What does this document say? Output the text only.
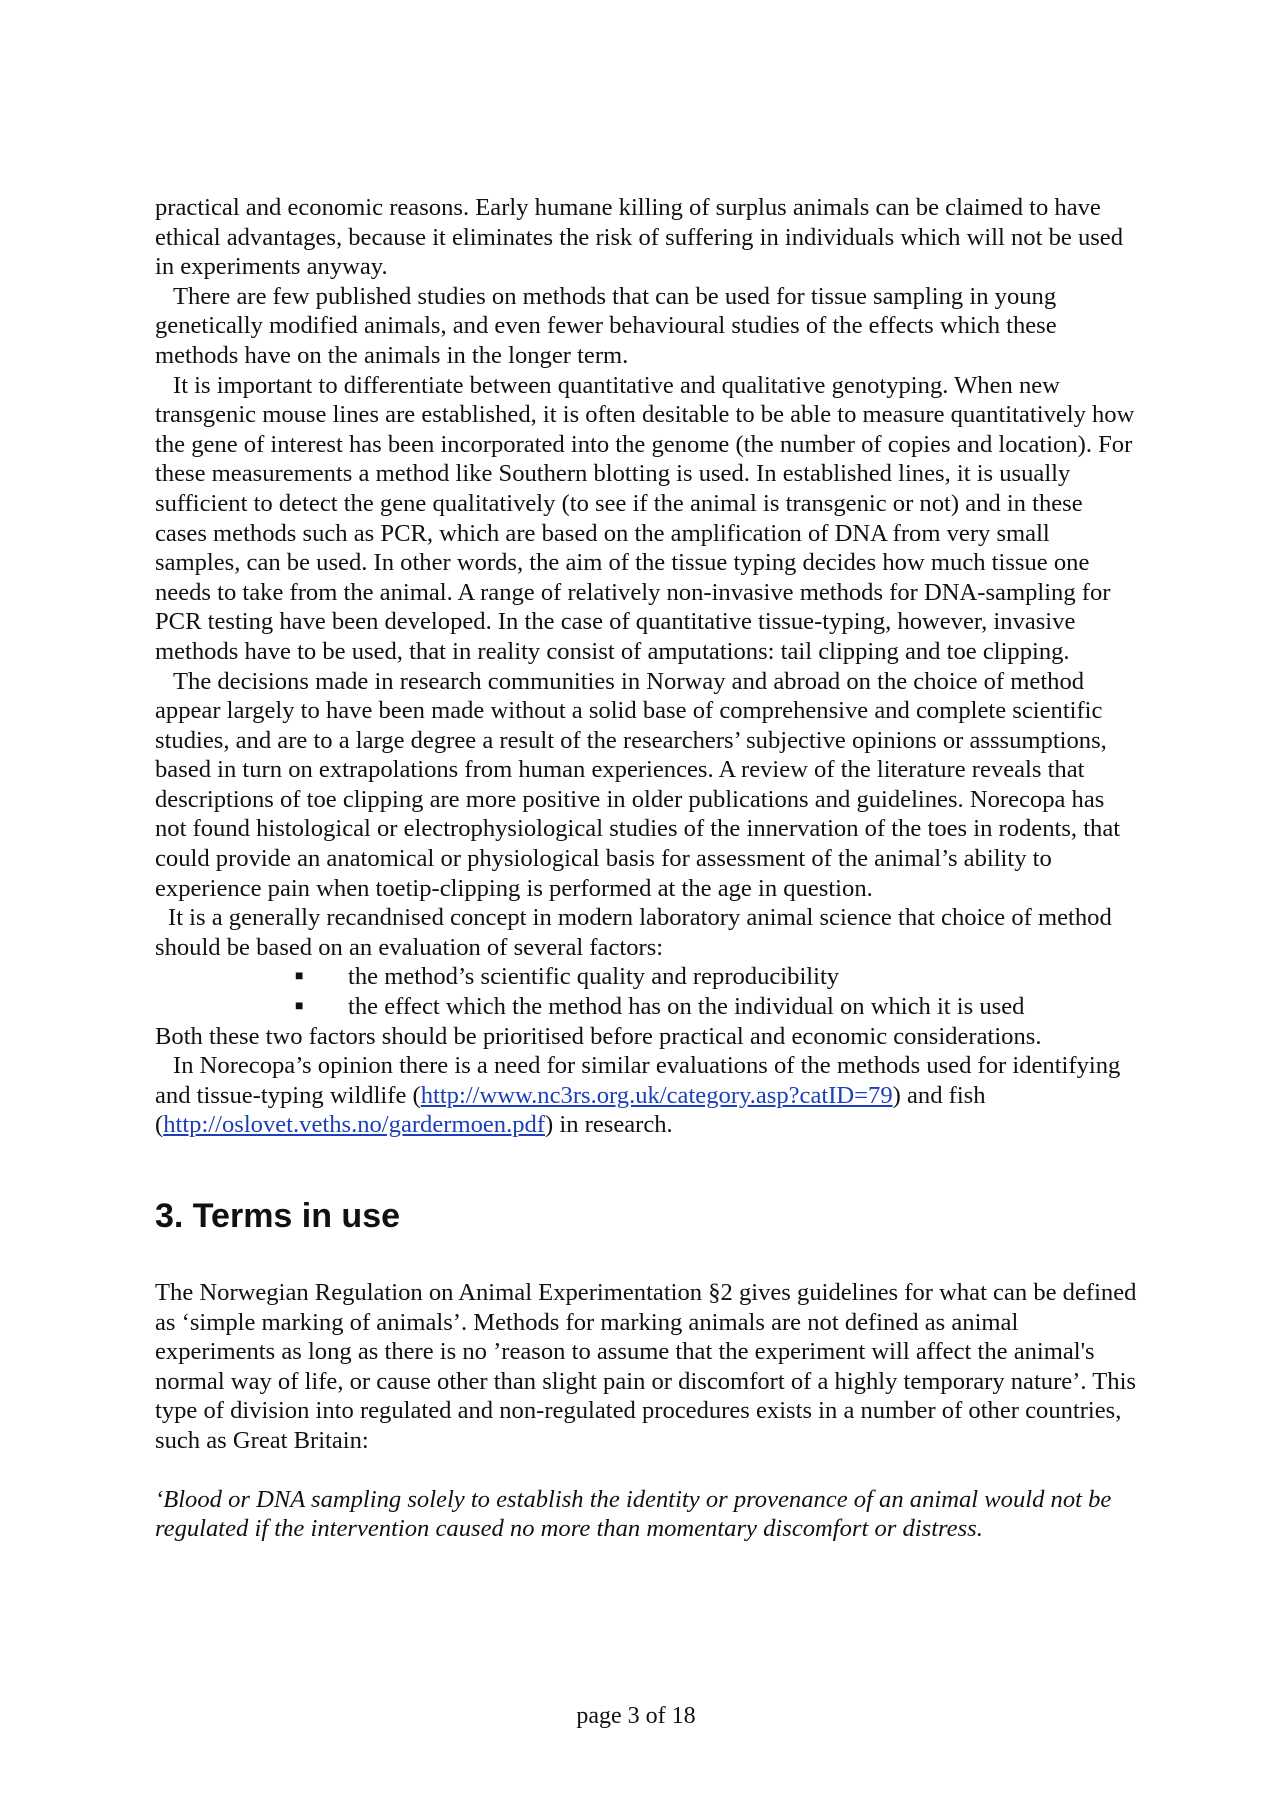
practical and economic reasons. Early humane killing of surplus animals can be claimed to have ethical advantages, because it eliminates the risk of suffering in individuals which will not be used in experiments anyway.

There are few published studies on methods that can be used for tissue sampling in young genetically modified animals, and even fewer behavioural studies of the effects which these methods have on the animals in the longer term.

It is important to differentiate between quantitative and qualitative genotyping. When new transgenic mouse lines are established, it is often desitable to be able to measure quantitatively how the gene of interest has been incorporated into the genome (the number of copies and location). For these measurements a method like Southern blotting is used. In established lines, it is usually sufficient to detect the gene qualitatively (to see if the animal is transgenic or not) and in these cases methods such as PCR, which are based on the amplification of DNA from very small samples, can be used. In other words, the aim of the tissue typing decides how much tissue one needs to take from the animal. A range of relatively non-invasive methods for DNA-sampling for PCR testing have been developed. In the case of quantitative tissue-typing, however, invasive methods have to be used, that in reality consist of amputations: tail clipping and toe clipping.

The decisions made in research communities in Norway and abroad on the choice of method appear largely to have been made without a solid base of comprehensive and complete scientific studies, and are to a large degree a result of the researchers’ subjective opinions or asssumptions, based in turn on extrapolations from human experiences. A review of the literature reveals that descriptions of toe clipping are more positive in older publications and guidelines. Norecopa has not found histological or electrophysiological studies of the innervation of the toes in rodents, that could provide an anatomical or physiological basis for assessment of the animal’s ability to experience pain when toetip-clipping is performed at the age in question.

It is a generally recandnised concept in modern laboratory animal science that choice of method should be based on an evaluation of several factors:

■ the method’s scientific quality and reproducibility
■ the effect which the method has on the individual on which it is used

Both these two factors should be prioritised before practical and economic considerations.

In Norecopa’s opinion there is a need for similar evaluations of the methods used for identifying and tissue-typing wildlife (http://www.nc3rs.org.uk/category.asp?catID=79) and fish (http://oslovet.veths.no/gardermoen.pdf) in research.

3. Terms in use

The Norwegian Regulation on Animal Experimentation §2 gives guidelines for what can be defined as ‘simple marking of animals’. Methods for marking animals are not defined as animal experiments as long as there is no ’reason to assume that the experiment will affect the animal's normal way of life, or cause other than slight pain or discomfort of a highly temporary nature’. This type of division into regulated and non-regulated procedures exists in a number of other countries, such as Great Britain:

‘Blood or DNA sampling solely to establish the identity or provenance of an animal would not be regulated if the intervention caused no more than momentary discomfort or distress.

page 3 of 18
